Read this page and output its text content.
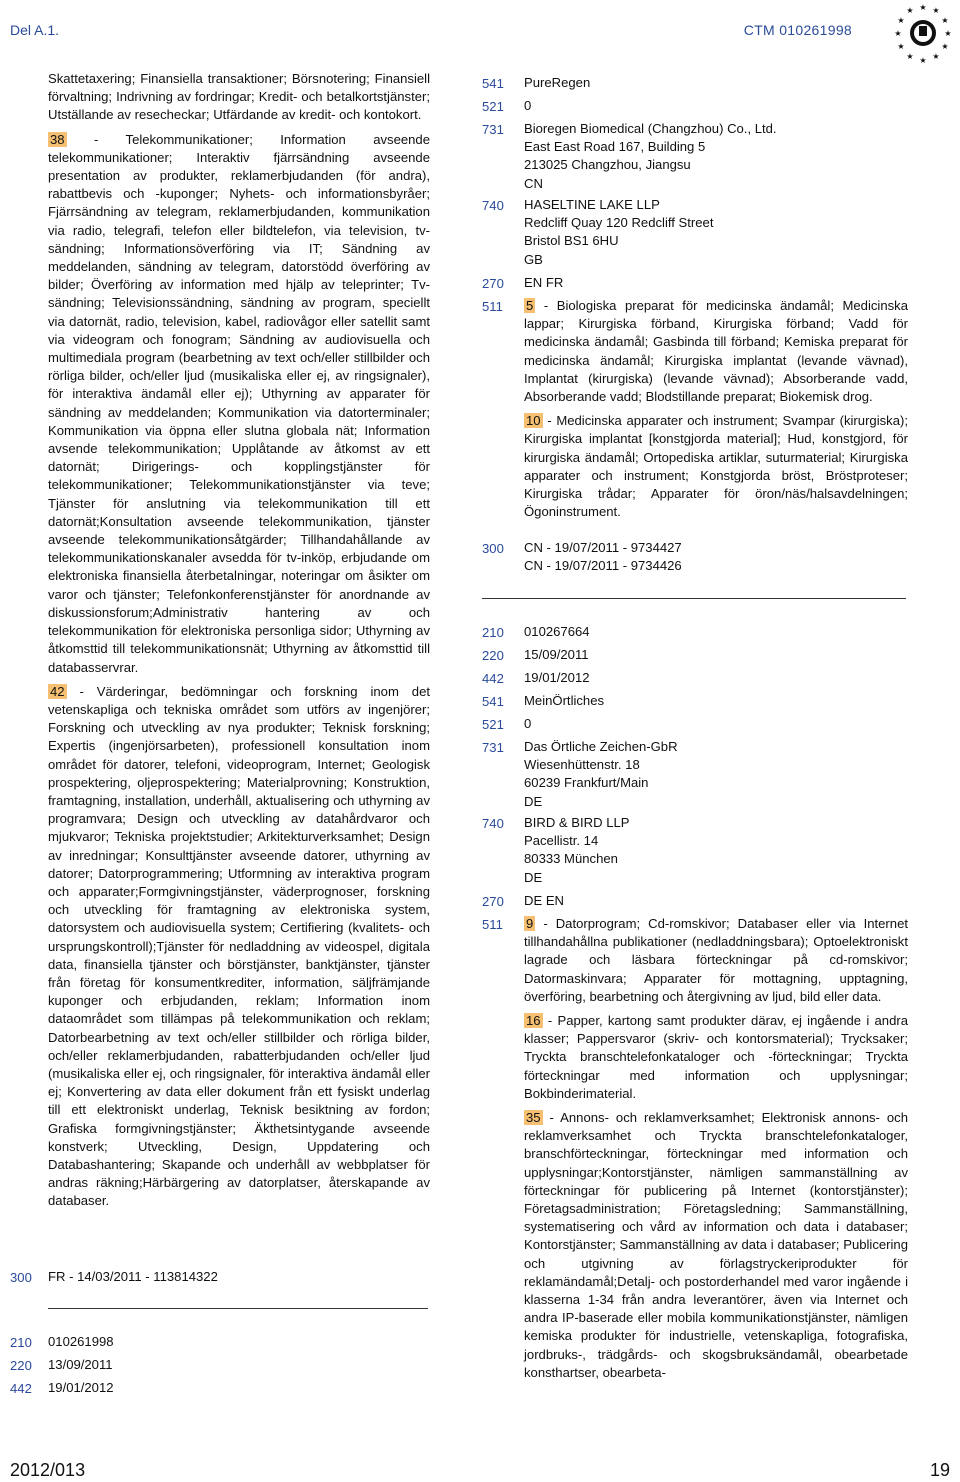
Del A.1.	CTM 010261998
★ ★
★
★
★
★
★
★
★
★
★
★

Skattetaxering; Finansiella transaktioner; Börsnotering; Finansiell förvaltning; Indrivning av fordringar; Kredit- och betalkortstjänster; Utställande av resecheckar; Utfärdande av kredit- och kontokort.

38 - Telekommunikationer; Information avseende telekommunikationer; Interaktiv fjärrsändning avseende presentation av produkter, reklamerbjudanden (för andra), rabattbevis och -kuponger; Nyhets- och informationsbyråer; Fjärrsändning av telegram, reklamerbjudanden, kommunikation via radio, telegrafi, telefon eller bildtelefon, via television, tv-sändning; Informationsöverföring via IT; Sändning av meddelanden, sändning av telegram, datorstödd överföring av bilder; Överföring av information med hjälp av teleprinter; Tv-sändning; Televisionssändning, sändning av program, speciellt via datornät, radio, television, kabel, radiovågor eller satellit samt via videogram och fonogram; Sändning av audiovisuella och multimediala program (bearbetning av text och/eller stillbilder och rörliga bilder, och/eller ljud (musikaliska eller ej, av ringsignaler), för interaktiva ändamål eller ej); Uthyrning av apparater för sändning av meddelanden; Kommunikation via datorterminaler; Kommunikation via öppna eller slutna globala nät; Information avsende telekommunikation; Upplåtande av åtkomst av ett datornät; Dirigerings- och kopplingstjänster för telekommunikationer; Telekommunikationstjänster via teve; Tjänster för anslutning via telekommunikation till ett datornät;Konsultation avseende telekommunikation, tjänster avseende telekommunikationsåtgärder; Tillhandahållande av telekommunikationskanaler avsedda för tv-inköp, erbjudande om elektroniska finansiella återbetalningar, noteringar om åsikter om varor och tjänster; Telefonkonferenstjänster för anordnande av diskussionsforum;Administrativ hantering av och telekommunikation för elektroniska personliga sidor; Uthyrning av åtkomsttid till telekommunikationsnät; Uthyrning av åtkomsttid till databasservrar.

42 - Värderingar, bedömningar och forskning inom det vetenskapliga och tekniska området som utförs av ingenjörer; Forskning och utveckling av nya produkter; Teknisk forskning; Expertis (ingenjörsarbeten), professionell konsultation inom området för datorer, telefoni, videoprogram, Internet; Geologisk prospektering, oljeprospektering; Materialprovning; Konstruktion, framtagning, installation, underhåll, aktualisering och uthyrning av programvara; Design och utveckling av datahårdvaror och mjukvaror; Tekniska projektstudier; Arkitekturverksamhet; Design av inredningar; Konsulttjänster avseende datorer, uthyrning av datorer; Datorprogrammering; Utformning av interaktiva program och apparater;Formgivningstjänster, väderprognoser, forskning och utveckling för framtagning av elektroniska system, datorsystem och audiovisuella system; Certifiering (kvalitets- och ursprungskontroll);Tjänster för nedladdning av videospel, digitala data, finansiella tjänster och börstjänster, banktjänster, tjänster från företag för konsumentkrediter, information, säljfrämjande kuponger och erbjudanden, reklam; Information inom dataområdet som tillämpas på telekommunikation och reklam; Datorbearbetning av text och/eller stillbilder och rörliga bilder, och/eller reklamerbjudanden, rabatterbjudanden och/eller ljud (musikaliska eller ej, och ringsignaler, för interaktiva ändamål eller ej; Konvertering av data eller dokument från ett fysiskt underlag till ett elektroniskt underlag, Teknisk besiktning av fordon; Grafiska formgivningstjänster; Äkthetsintygande avseende konstverk; Utveckling, Design, Uppdatering och Databashantering; Skapande och underhåll av webbplatser för andras räkning;Härbärgering av datorplatser, återskapande av databaser.

300 FR - 14/03/2011 - 113814322
210 010261998
220 13/09/2011
442 19/01/2012
541 PureRegen
521 0
731 Bioregen Biomedical (Changzhou) Co., Ltd.
East East Road 167, Building 5
213025 Changzhou, Jiangsu
CN
740 HASELTINE LAKE LLP
Redcliff Quay 120 Redcliff Street
Bristol BS1 6HU
GB
270 EN FR
511 5 - Biologiska preparat för medicinska ändamål; Medicinska lappar; Kirurgiska förband, Kirurgiska förband; Vadd för medicinska ändamål; Gasbinda till förband; Kemiska preparat för medicinska ändamål; Kirurgiska implantat (levande vävnad), Implantat (kirurgiska) (levande vävnad); Absorberande vadd, Absorberande vadd; Blodstillande preparat; Biokemisk drog.

10 - Medicinska apparater och instrument; Svampar (kirurgiska); Kirurgiska implantat [konstgjorda material]; Hud, konstgjord, för kirurgiska ändamål; Ortopediska artiklar, suturmaterial; Kirurgiska apparater och instrument; Konstgjorda bröst, Bröstproteser; Kirurgiska trådar; Apparater för öron/näs/halsavdelningen; Ögoninstrument.

300 CN - 19/07/2011 - 9734427
CN - 19/07/2011 - 9734426
210 010267664
220 15/09/2011
442 19/01/2012
541 MeinÖrtliches
521 0
731 Das Örtliche Zeichen-GbR
Wiesenhüttenstr. 18
60239 Frankfurt/Main
DE
740 BIRD & BIRD LLP
Pacellistr. 14
80333 München
DE
270 DE EN
511 9 - Datorprogram; Cd-romskivor; Databaser eller via Internet tillhandahållna publikationer (nedladdningsbara); Optoelektroniskt lagrade och läsbara förteckningar på cd-romskivor; Datormaskinvara; Apparater för mottagning, upptagning, överföring, bearbetning och återgivning av ljud, bild eller data.

16 - Papper, kartong samt produkter därav, ej ingående i andra klasser; Pappersvaror (skriv- och kontorsmaterial); Trycksaker; Tryckta branschtelefonkataloger och -förteckningar; Tryckta förteckningar med information och upplysningar; Bokbinderimaterial.

35 - Annons- och reklamverksamhet; Elektronisk annons- och reklamverksamhet och Tryckta branschtelefonkataloger, branschförteckningar, förteckningar med information och upplysningar;Kontorstjänster, nämligen sammanställning av förteckningar för publicering på Internet (kontorstjänster); Företagsadministration; Företagsledning; Sammanställning, systematisering och vård av information och data i databaser; Kontorstjänster; Sammanställning av data i databaser; Publicering och utgivning av förlagstryckeriprodukter för reklamändamål;Detalj- och postorderhandel med varor ingående i klasserna 1-34 från andra leverantörer, även via Internet och andra IP-baserade eller mobila kommunikationstjänster, nämligen kemiska produkter för industrielle, vetenskapliga, fotografiska, jordbruks-, trädgårds- och skogsbruksändamål, obearbetade konsthartser, obearbeta-

2012/013	19
